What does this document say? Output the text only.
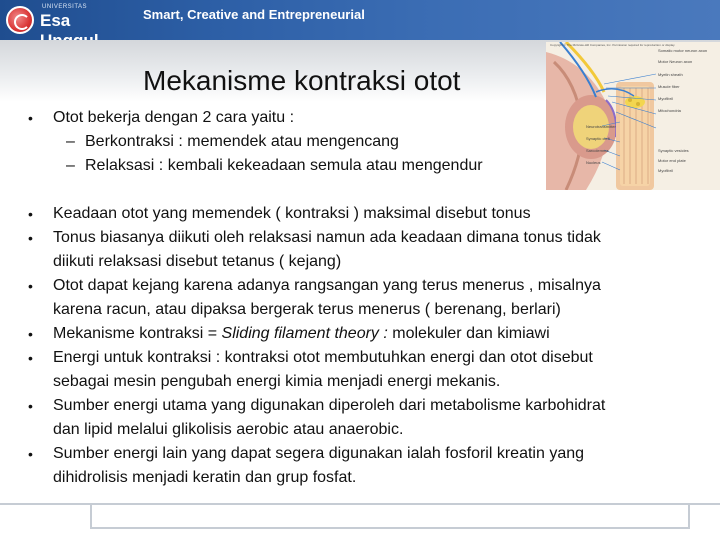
UNIVERSITAS
Esa	Smart, Creative and Entrepreneurial
Mekanisme kontraksi otot
Copyright © The McGraw-Hill Companies, Inc. Permission required for reproduction or display.
Somatic motor neuron axon
Motor Neuron axon
Myelin sheath
Muscle fiber
Myofibril
Mitochondria
Synaptic vesicles
Motor end plate
Myofibril
Neurotransmitter
Synaptic cleft
Sarcolemma
Nucleus
• Otot bekerja dengan 2 cara yaitu :
– Berkontraksi : memendek atau mengencang
– Relaksasi : kembali kekeadaan semula atau mengendur
• Keadaan otot yang memendek ( kontraksi ) maksimal disebut tonus
• Tonus biasanya diikuti oleh relaksasi namun ada keadaan dimana tonus tidak
diikuti relaksasi disebut tetanus ( kejang)
• Otot dapat kejang karena adanya rangsangan yang terus menerus , misalnya
karena racun, atau dipaksa bergerak terus menerus ( berenang, berlari)
• Mekanisme kontraksi = Sliding filament theory : molekuler dan kimiawi
• Energi untuk kontraksi : kontraksi otot membutuhkan energi dan otot disebut
sebagai mesin pengubah energi kimia menjadi energi mekanis.
• Sumber energi utama yang digunakan diperoleh dari metabolisme karbohidrat
dan lipid melalui glikolisis aerobic atau anaerobic.
• Sumber energi lain yang dapat segera digunakan ialah fosforil kreatin yang
dihidrolisis menjadi keratin dan grup fosfat.
